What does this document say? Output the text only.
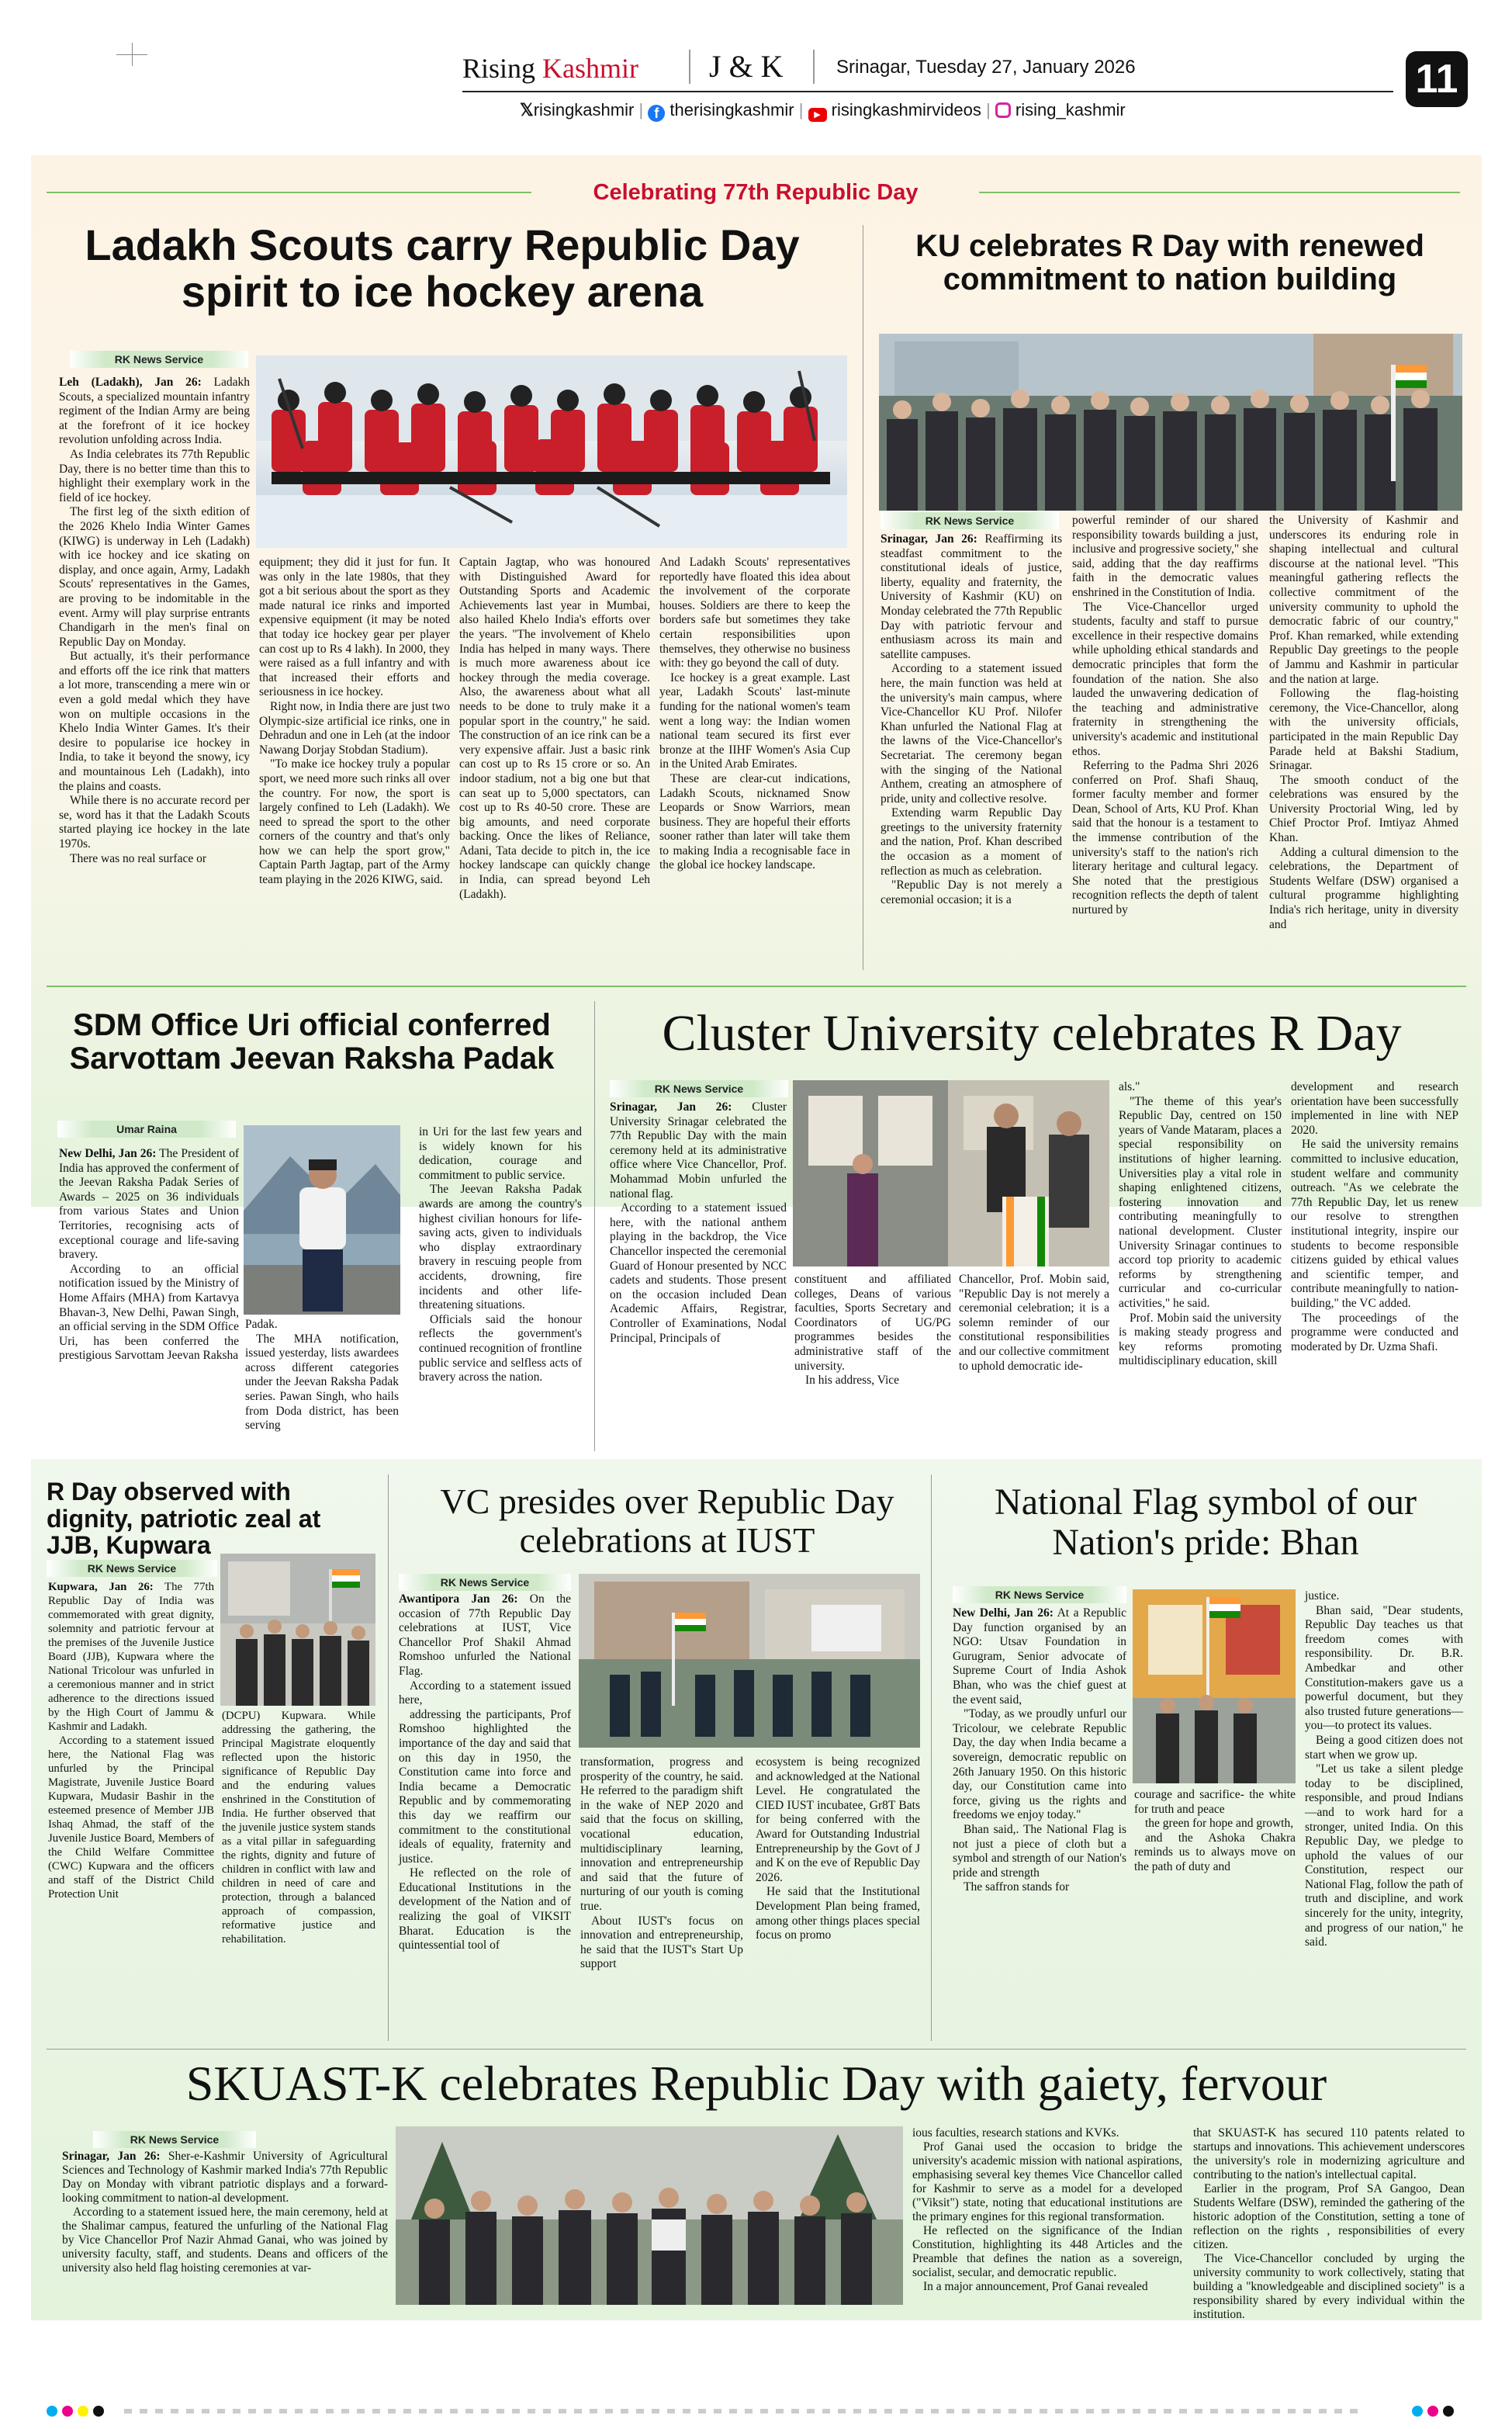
Rising Kashmir J & K	Srinagar, Tuesday 27, January 2026	11
𝕏risingkashmir | f therisingkashmir | ▶ risingkashmirvideos |  rising_kashmir
Celebrating 77th Republic Day
Ladakh Scouts carry Republic Day spirit to ice hockey arena
RK News Service

Leh (Ladakh), Jan 26: Ladakh Scouts, a specialized mountain infantry regiment of the Indian Army are being at the forefront of it ice hockey revolution unfolding across India.

As India celebrates its 77th Republic Day, there is no better time than this to highlight their exemplary work in the field of ice hockey.

The first leg of the sixth edition of the 2026 Khelo India Winter Games (KIWG) is underway in Leh (Ladakh) with ice hockey and ice skating on display, and once again, Army, Ladakh Scouts' representatives in the Games, are proving to be indomitable in the event. Army will play surprise entrants Chandigarh in the men's final on Republic Day on Monday.

But actually, it's their performance and efforts off the ice rink that matters a lot more, transcending a mere win or even a gold medal which they have won on multiple occasions in the Khelo India Winter Games. It's their desire to popularise ice hockey in India, to take it beyond the snowy, icy and mountainous Leh (Ladakh), into the plains and coasts.

While there is no accurate record per se, word has it that the Ladakh Scouts started playing ice hockey in the late 1970s.

There was no real surface or

equipment; they did it just for fun. It was only in the late 1980s, that they got a bit serious about the sport as they made natural ice rinks and imported expensive equipment (it may be noted that today ice hockey gear per player can cost up to Rs 4 lakh). In 2000, they were raised as a full infantry and with that increased their efforts and seriousness in ice hockey.

Right now, in India there are just two Olympic-size artificial ice rinks, one in Dehradun and one in Leh (at the indoor Nawang Dorjay Stobdan Stadium).

"To make ice hockey truly a popular sport, we need more such rinks all over the country. For now, the sport is largely confined to Leh (Ladakh). We need to spread the sport to the other corners of the country and that's only how we can help the sport grow," Captain Parth Jagtap, part of the Army team playing in the 2026 KIWG, said.

Captain Jagtap, who was honoured with Distinguished Award for Outstanding Sports and Academic Achievements last year in Mumbai, also hailed Khelo India's efforts over the years. "The involvement of Khelo India has helped in many ways. There is much more awareness about ice hockey through the media coverage. Also, the awareness about what all needs to be done to truly make it a popular sport in the country," he said. The construction of an ice rink can be a very expensive affair. Just a basic rink can cost up to Rs 15 crore or so. An indoor stadium, not a big one but that can seat up to 5,000 spectators, can cost up to Rs 40-50 crore. These are big amounts, and need corporate backing. Once the likes of Reliance, Adani, Tata decide to pitch in, the ice hockey landscape can quickly change in India, can spread beyond Leh (Ladakh).

And Ladakh Scouts' representatives reportedly have floated this idea about the involvement of the corporate houses. Soldiers are there to keep the borders safe but sometimes they take certain responsibilities upon themselves, they otherwise no business with: they go beyond the call of duty.

Ice hockey is a great example. Last year, Ladakh Scouts' last-minute funding for the national women's team went a long way: the Indian women national team secured its first ever bronze at the IIHF Women's Asia Cup in the United Arab Emirates.

These are clear-cut indications, Ladakh Scouts, nicknamed Snow Leopards or Snow Warriors, mean business. They are hopeful their efforts sooner rather than later will take them to making India a recognisable face in the global ice hockey landscape.

KU celebrates R Day with renewed commitment to nation building
RK News Service

Srinagar, Jan 26: Reaffirming its steadfast commitment to the constitutional ideals of justice, liberty, equality and fraternity, the University of Kashmir (KU) on Monday celebrated the 77th Republic Day with patriotic fervour and enthusiasm across its main and satellite campuses.

According to a statement issued here, the main function was held at the university's main campus, where Vice-Chancellor KU Prof. Nilofer Khan unfurled the National Flag at the lawns of the Vice-Chancellor's Secretariat. The ceremony began with the singing of the National Anthem, creating an atmosphere of pride, unity and collective resolve.

Extending warm Republic Day greetings to the university fraternity and the nation, Prof. Khan described the occasion as a moment of reflection as much as celebration.

"Republic Day is not merely a ceremonial occasion; it is a

powerful reminder of our shared responsibility towards building a just, inclusive and progressive society," she said, adding that the day reaffirms faith in the democratic values enshrined in the Constitution of India.

The Vice-Chancellor urged students, faculty and staff to pursue excellence in their respective domains while upholding ethical standards and democratic principles that form the foundation of the nation. She also lauded the unwavering dedication of the teaching and administrative fraternity in strengthening the university's academic and institutional ethos.

Referring to the Padma Shri 2026 conferred on Prof. Shafi Shauq, former faculty member and former Dean, School of Arts, KU Prof. Khan said that the honour is a testament to the immense contribution of the university's staff to the nation's rich literary heritage and cultural legacy. She noted that the prestigious recognition reflects the depth of talent nurtured by

the University of Kashmir and underscores its enduring role in shaping intellectual and cultural discourse at the national level. "This meaningful gathering reflects the collective commitment of the university community to uphold the democratic fabric of our country," Prof. Khan remarked, while extending Republic Day greetings to the people of Jammu and Kashmir in particular and the nation at large.

Following the flag-hoisting ceremony, the Vice-Chancellor, along with the university officials, participated in the main Republic Day Parade held at Bakshi Stadium, Srinagar.

The smooth conduct of the celebrations was ensured by the University Proctorial Wing, led by Chief Proctor Prof. Imtiyaz Ahmed Khan.

Adding a cultural dimension to the celebrations, the Department of Students Welfare (DSW) organised a cultural programme highlighting India's rich heritage, unity in diversity and

SDM Office Uri official conferred Sarvottam Jeevan Raksha Padak
Umar Raina

New Delhi, Jan 26: The President of India has approved the conferment of the Jeevan Raksha Padak Series of Awards – 2025 on 36 individuals from various States and Union Territories, recognising acts of exceptional courage and life-saving bravery.

According to an official notification issued by the Ministry of Home Affairs (MHA) from Kartavya Bhavan-3, New Delhi, Pawan Singh, an official serving in the SDM Office Uri, has been conferred the prestigious Sarvottam Jeevan Raksha

Padak.

The MHA notification, issued yesterday, lists awardees across different categories under the Jeevan Raksha Padak series. Pawan Singh, who hails from Doda district, has been serving

in Uri for the last few years and is widely known for his dedication, courage and commitment to public service.

The Jeevan Raksha Padak awards are among the country's highest civilian honours for life-saving acts, given to individuals who display extraordinary bravery in rescuing people from accidents, drowning, fire incidents and other life-threatening situations.

Officials said the honour reflects the government's continued recognition of frontline public service and selfless acts of bravery across the nation.

Cluster University celebrates R Day
RK News Service

Srinagar, Jan 26: Cluster University Srinagar celebrated the 77th Republic Day with the main ceremony held at its administrative office where Vice Chancellor, Prof. Mohammad Mobin unfurled the national flag.

According to a statement issued here, with the national anthem playing in the backdrop, the Vice Chancellor inspected the ceremonial Guard of Honour presented by NCC cadets and students. Those present on the occasion included Dean Academic Affairs, Registrar, Controller of Examinations, Nodal Principal, Principals of

constituent and affiliated colleges, Deans of various faculties, Sports Secretary and Coordinators of UG/PG programmes besides the administrative staff of the university.

In his address, Vice

Chancellor, Prof. Mobin said, "Republic Day is not merely a ceremonial celebration; it is a solemn reminder of our constitutional responsibilities and our collective commitment to uphold democratic ide-

als."

"The theme of this year's Republic Day, centred on 150 years of Vande Mataram, places a special responsibility on institutions of higher learning. Universities play a vital role in shaping enlightened citizens, fostering innovation and contributing meaningfully to national development. Cluster University Srinagar continues to accord top priority to academic reforms by strengthening curricular and co-curricular activities," he said.

Prof. Mobin said the university is making steady progress and key reforms promoting multidisciplinary education, skill

development and research orientation have been successfully implemented in line with NEP 2020.

He said the university remains committed to inclusive education, student welfare and community outreach. "As we celebrate the 77th Republic Day, let us renew our resolve to strengthen institutional integrity, inspire our students to become responsible citizens guided by ethical values and scientific temper, and contribute meaningfully to nation-building," the VC added.

The proceedings of the programme were conducted and moderated by Dr. Uzma Shafi.

R Day observed with dignity, patriotic zeal at JJB, Kupwara
RK News Service

Kupwara, Jan 26: The 77th Republic Day of India was commemorated with great dignity, solemnity and patriotic fervour at the premises of the Juvenile Justice Board (JJB), Kupwara where the National Tricolour was unfurled in a ceremonious manner and in strict adherence to the directions issued by the High Court of Jammu & Kashmir and Ladakh.

According to a statement issued here, the National Flag was unfurled by the Principal Magistrate, Juvenile Justice Board Kupwara, Mudasir Bashir in the esteemed presence of Member JJB Ishaq Ahmad, the staff of the Juvenile Justice Board, Members of the Child Welfare Committee (CWC) Kupwara and the officers and staff of the District Child Protection Unit

(DCPU) Kupwara. While addressing the gathering, the Principal Magistrate eloquently reflected upon the historic significance of Republic Day and the enduring values enshrined in the Constitution of India. He further observed that the juvenile justice system stands as a vital pillar in safeguarding the rights, dignity and future of children in conflict with law and children in need of care and protection, through a balanced approach of compassion, reformative justice and rehabilitation.

VC presides over Republic Day celebrations at IUST
RK News Service

Awantipora Jan 26: On the occasion of 77th Republic Day celebrations at IUST, Vice Chancellor Prof Shakil Ahmad Romshoo unfurled the National Flag.

According to a statement issued here,

addressing the participants, Prof Romshoo highlighted the importance of the day and said that on this day in 1950, the Constitution came into force and India became a Democratic Republic and by commemorating this day we reaffirm our commitment to the constitutional ideals of equality, fraternity and justice.

He reflected on the role of Educational Institutions in the development of the Nation and of realizing the goal of VIKSIT Bharat. Education is the quintessential tool of

transformation, progress and prosperity of the country, he said. He referred to the paradigm shift in the wake of NEP 2020 and said that the focus on skilling, vocational education, multidisciplinary learning, innovation and entrepreneurship and said that the future of nurturing of our youth is coming true.

About IUST's focus on innovation and entrepreneurship, he said that the IUST's Start Up support

ecosystem is being recognized and acknowledged at the National Level. He congratulated the CIED IUST incubatee, Gr8T Bats for being conferred with the Award for Outstanding Industrial Entrepreneurship by the Govt of J and K on the eve of Republic Day 2026.

He said that the Institutional Development Plan being framed, among other things places special focus on promo

National Flag symbol of our Nation's pride: Bhan
RK News Service

New Delhi, Jan 26: At a Republic Day function organised by an NGO: Utsav Foundation in Gurugram, Senior advocate of Supreme Court of India Ashok Bhan, who was the chief guest at the event said,

"Today, as we proudly unfurl our Tricolour, we celebrate Republic Day, the day when India became a sovereign, democratic republic on 26th January 1950. On this historic day, our Constitution came into force, giving us the rights and freedoms we enjoy today."

Bhan said,. The National Flag is not just a piece of cloth but a symbol and strength of our Nation's pride and strength

The saffron stands for

courage and sacrifice- the white for truth and peace

the green for hope and growth,

and the Ashoka Chakra reminds us to always move on the path of duty and

justice.

Bhan said, "Dear students, Republic Day teaches us that freedom comes with responsibility. Dr. B.R. Ambedkar and other Constitution-makers gave us a powerful document, but they also trusted future generations—you—to protect its values.

Being a good citizen does not start when we grow up.

"Let us take a silent pledge today to be disciplined, responsible, and proud Indians—and to work hard for a stronger, united India. On this Republic Day, we pledge to uphold the values of our Constitution, respect our National Flag, follow the path of truth and discipline, and work sincerely for the unity, integrity, and progress of our nation," he said.

SKUAST-K celebrates Republic Day with gaiety, fervour
RK News Service

Srinagar, Jan 26: Sher-e-Kashmir University of Agricultural Sciences and Technology of Kashmir marked India's 77th Republic Day on Monday with vibrant patriotic displays and a forward-looking commitment to nation-al development.

According to a statement issued here, the main ceremony, held at the Shalimar campus, featured the unfurling of the National Flag by Vice Chancellor Prof Nazir Ahmad Ganai, who was joined by university faculty, staff, and students. Deans and officers of the university also held flag hoisting ceremonies at var-

ious faculties, research stations and KVKs.

Prof Ganai used the occasion to bridge the university's academic mission with national aspirations, emphasising several key themes Vice Chancellor called for Kashmir to serve as a model for a developed ("Viksit") state, noting that educational institutions are the primary engines for this regional transformation.

He reflected on the significance of the Indian Constitution, highlighting its 448 Articles and the Preamble that defines the nation as a sovereign, socialist, secular, and democratic republic.

In a major announcement, Prof Ganai revealed

that SKUAST-K has secured 110 patents related to startups and innovations. This achievement underscores the university's role in modernizing agriculture and contributing to the nation's intellectual capital.

Earlier in the program, Prof SA Gangoo, Dean Students Welfare (DSW), reminded the gathering of the historic adoption of the Constitution, setting a tone of reflection on the rights , responsibilities of every citizen.

The Vice-Chancellor concluded by urging the university community to work collectively, stating that building a "knowledgeable and disciplined society" is a responsibility shared by every individual within the institution.
